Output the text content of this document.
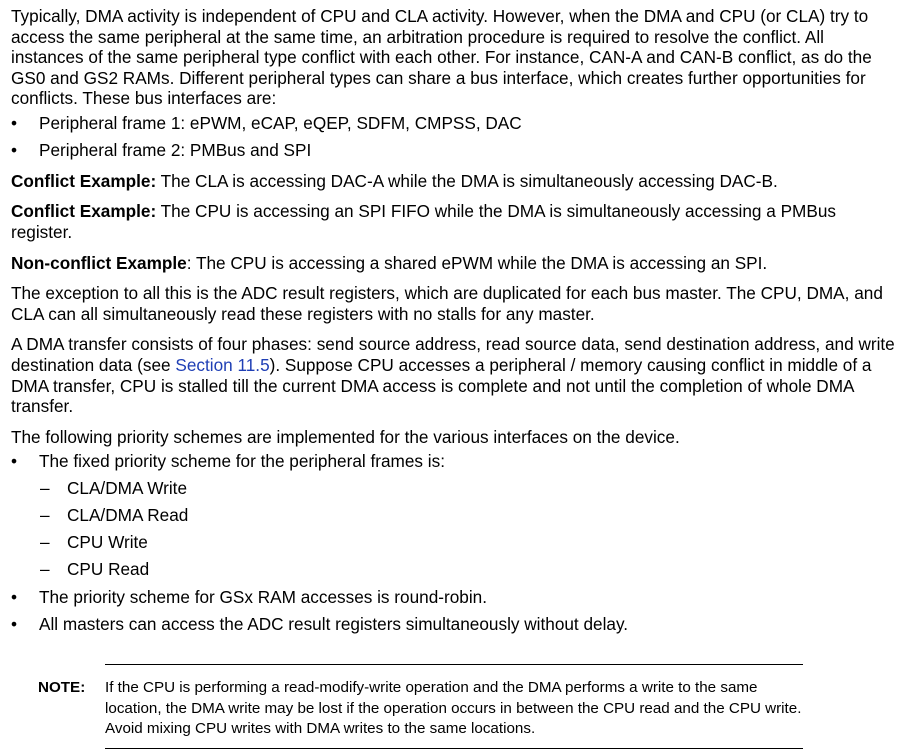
Typically, DMA activity is independent of CPU and CLA activity. However, when the DMA and CPU (or CLA) try to access the same peripheral at the same time, an arbitration procedure is required to resolve the conflict. All instances of the same peripheral type conflict with each other. For instance, CAN-A and CAN-B conflict, as do the GS0 and GS2 RAMs. Different peripheral types can share a bus interface, which creates further opportunities for conflicts. These bus interfaces are:

• Peripheral frame 1: ePWM, eCAP, eQEP, SDFM, CMPSS, DAC
• Peripheral frame 2: PMBus and SPI

Conflict Example: The CLA is accessing DAC-A while the DMA is simultaneously accessing DAC-B.

Conflict Example: The CPU is accessing an SPI FIFO while the DMA is simultaneously accessing a PMBus register.

Non-conflict Example: The CPU is accessing a shared ePWM while the DMA is accessing an SPI.

The exception to all this is the ADC result registers, which are duplicated for each bus master. The CPU, DMA, and CLA can all simultaneously read these registers with no stalls for any master.

A DMA transfer consists of four phases: send source address, read source data, send destination address, and write destination data (see Section 11.5). Suppose CPU accesses a peripheral / memory causing conflict in middle of a DMA transfer, CPU is stalled till the current DMA access is complete and not until the completion of whole DMA transfer.

The following priority schemes are implemented for the various interfaces on the device.

• The fixed priority scheme for the peripheral frames is:
– CLA/DMA Write
– CLA/DMA Read
– CPU Write
– CPU Read
• The priority scheme for GSx RAM accesses is round-robin.
• All masters can access the ADC result registers simultaneously without delay.
NOTE:	If the CPU is performing a read-modify-write operation and the DMA performs a write to the same location, the DMA write may be lost if the operation occurs in between the CPU read and the CPU write. Avoid mixing CPU writes with DMA writes to the same locations.
